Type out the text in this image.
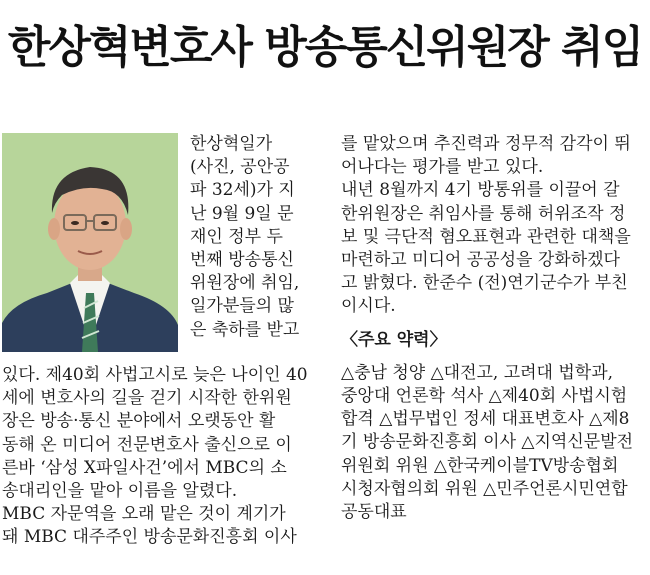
한상혁변호사 방송통신위원장 취임
한상혁일가
(사진, 공안공
파 32세)가 지
난 9월 9일 문
재인 정부 두
번째 방송통신
위원장에 취임,
일가분들의 많
은 축하를 받고
있다. 제40회 사법고시로 늦은 나이인 40
세에 변호사의 길을 걷기 시작한 한위원
장은 방송·통신 분야에서 오랫동안 활
동해 온 미디어 전문변호사 출신으로 이
른바 ‘삼성 X파일사건’에서 MBC의 소
송대리인을 맡아 이름을 알렸다.
MBC 자문역을 오래 맡은 것이 계기가
돼 MBC 대주주인 방송문화진흥회 이사
를 맡았으며 추진력과 정무적 감각이 뛰
어나다는 평가를 받고 있다.
내년 8월까지 4기 방통위를 이끌어 갈
한위원장은 취임사를 통해 허위조작 정
보 및 극단적 혐오표현과 관련한 대책을
마련하고 미디어 공공성을 강화하겠다
고 밝혔다. 한준수 (전)연기군수가 부친
이시다.
〈주요 약력〉
△충남 청양 △대전고, 고려대 법학과,
중앙대 언론학 석사 △제40회 사법시험
합격 △법무법인 정세 대표변호사 △제8
기 방송문화진흥회 이사 △지역신문발전
위원회 위원 △한국케이블TV방송협회
시청자협의회 위원 △민주언론시민연합
공동대표
